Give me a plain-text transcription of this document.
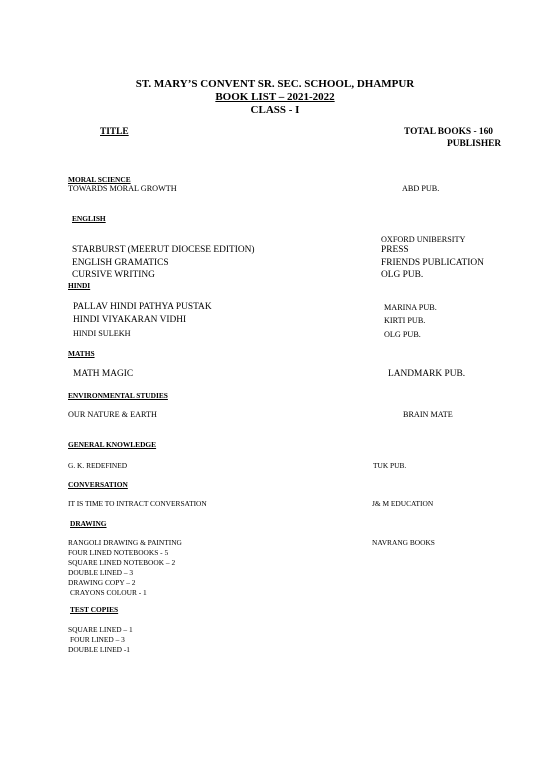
ST. MARY’S CONVENT SR. SEC. SCHOOL, DHAMPUR
BOOK LIST – 2021-2022
CLASS - I
TITLE	TOTAL BOOKS - 160
PUBLISHER
MORAL SCIENCE
TOWARDS MORAL GROWTH	ABD PUB.
ENGLISH
OXFORD UNIBERSITY
STARBURST (MEERUT DIOCESE EDITION)	PRESS
ENGLISH GRAMATICS	FRIENDS PUBLICATION
CURSIVE WRITING	OLG PUB.
HINDI
PALLAV HINDI PATHYA PUSTAK	MARINA PUB.
HINDI VIYAKARAN VIDHI	KIRTI PUB.
HINDI SULEKH	OLG PUB.
MATHS
MATH MAGIC	LANDMARK PUB.
ENVIRONMENTAL STUDIES
OUR NATURE & EARTH	BRAIN MATE
GENERAL KNOWLEDGE
G. K. REDEFINED	TUK PUB.
CONVERSATION
IT IS TIME TO INTRACT CONVERSATION	J& M EDUCATION
DRAWING
RANGOLI DRAWING & PAINTING	NAVRANG BOOKS
FOUR LINED NOTEBOOKS - 5
SQUARE LINED NOTEBOOK – 2
DOUBLE LINED – 3
DRAWING COPY – 2
CRAYONS COLOUR - 1
TEST COPIES
SQUARE LINED – 1
FOUR LINED – 3
DOUBLE LINED -1
